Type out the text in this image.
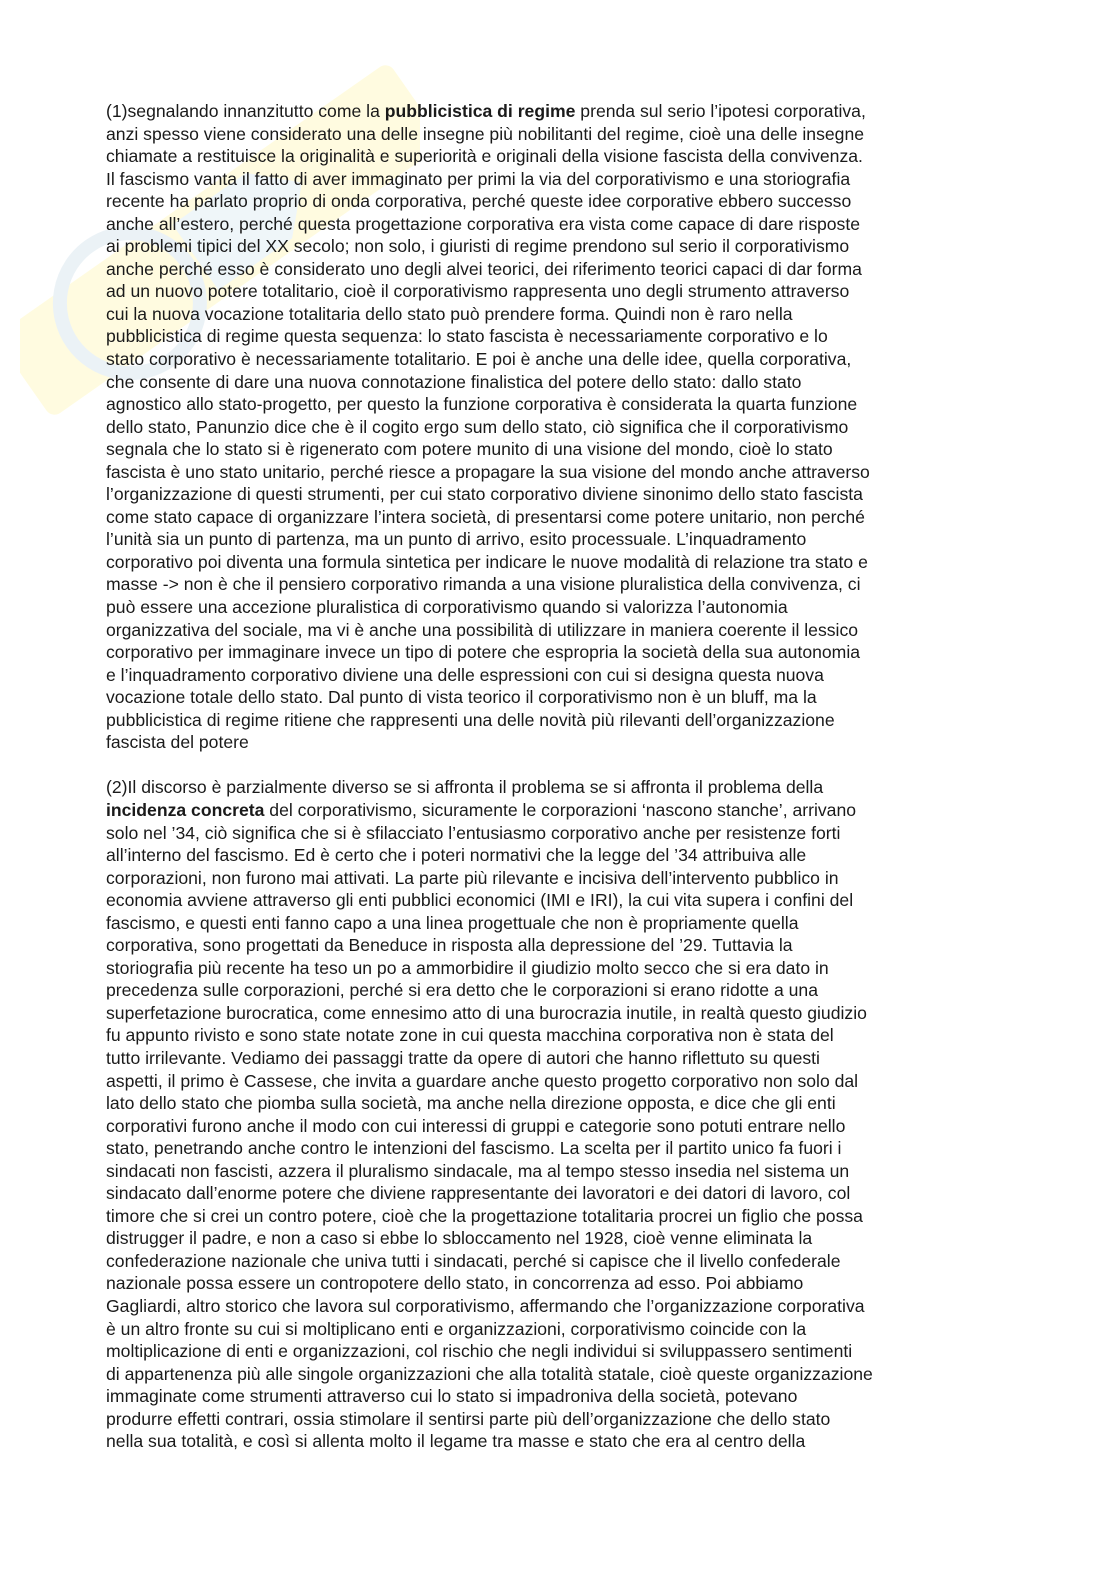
(1)segnalando innanzitutto come la pubblicistica di regime prenda sul serio l’ipotesi corporativa,
anzi spesso viene considerato una delle insegne più nobilitanti del regime, cioè una delle insegne
chiamate a restituisce la originalità e superiorità e originali della visione fascista della convivenza.
Il fascismo vanta il fatto di aver immaginato per primi la via del corporativismo e una storiografia
recente ha parlato proprio di onda corporativa, perché queste idee corporative ebbero successo
anche all’estero, perché questa progettazione corporativa era vista come capace di dare risposte
ai problemi tipici del XX secolo; non solo, i giuristi di regime prendono sul serio il corporativismo
anche perché esso è considerato uno degli alvei teorici, dei riferimento teorici capaci di dar forma
ad un nuovo potere totalitario, cioè il corporativismo rappresenta uno degli strumento attraverso
cui la nuova vocazione totalitaria dello stato può prendere forma. Quindi non è raro nella
pubblicistica di regime questa sequenza: lo stato fascista è necessariamente corporativo e lo
stato corporativo è necessariamente totalitario. E poi è anche una delle idee, quella corporativa,
che consente di dare una nuova connotazione finalistica del potere dello stato: dallo stato
agnostico allo stato-progetto, per questo la funzione corporativa è considerata la quarta funzione
dello stato, Panunzio dice che è il cogito ergo sum dello stato, ciò significa che il corporativismo
segnala che lo stato si è rigenerato com potere munito di una visione del mondo, cioè lo stato
fascista è uno stato unitario, perché riesce a propagare la sua visione del mondo anche attraverso
l’organizzazione di questi strumenti, per cui stato corporativo diviene sinonimo dello stato fascista
come stato capace di organizzare l’intera società, di presentarsi come potere unitario, non perché
l’unità sia un punto di partenza, ma un punto di arrivo, esito processuale. L’inquadramento
corporativo poi diventa una formula sintetica per indicare le nuove modalità di relazione tra stato e
masse -> non è che il pensiero corporativo rimanda a una visione pluralistica della convivenza, ci
può essere una accezione pluralistica di corporativismo quando si valorizza l’autonomia
organizzativa del sociale, ma vi è anche una possibilità di utilizzare in maniera coerente il lessico
corporativo per immaginare invece un tipo di potere che espropria la società della sua autonomia
e l’inquadramento corporativo diviene una delle espressioni con cui si designa questa nuova
vocazione totale dello stato. Dal punto di vista teorico il corporativismo non è un bluff, ma la
pubblicistica di regime ritiene che rappresenti una delle novità più rilevanti dell’organizzazione
fascista del potere

(2)Il discorso è parzialmente diverso se si affronta il problema se si affronta il problema della
incidenza concreta del corporativismo, sicuramente le corporazioni ‘nascono stanche’, arrivano
solo nel ’34, ciò significa che si è sfilacciato l’entusiasmo corporativo anche per resistenze forti
all’interno del fascismo. Ed è certo che i poteri normativi che la legge del ’34 attribuiva alle
corporazioni, non furono mai attivati. La parte più rilevante e incisiva dell’intervento pubblico in
economia avviene attraverso gli enti pubblici economici (IMI e IRI), la cui vita supera i confini del
fascismo, e questi enti fanno capo a una linea progettuale che non è propriamente quella
corporativa, sono progettati da Beneduce in risposta alla depressione del ’29. Tuttavia la
storiografia più recente ha teso un po a ammorbidire il giudizio molto secco che si era dato in
precedenza sulle corporazioni, perché si era detto che le corporazioni si erano ridotte a una
superfetazione burocratica, come ennesimo atto di una burocrazia inutile, in realtà questo giudizio
fu appunto rivisto e sono state notate zone in cui questa macchina corporativa non è stata del
tutto irrilevante. Vediamo dei passaggi tratte da opere di autori che hanno riflettuto su questi
aspetti, il primo è Cassese, che invita a guardare anche questo progetto corporativo non solo dal
lato dello stato che piomba sulla società, ma anche nella direzione opposta, e dice che gli enti
corporativi furono anche il modo con cui interessi di gruppi e categorie sono potuti entrare nello
stato, penetrando anche contro le intenzioni del fascismo. La scelta per il partito unico fa fuori i
sindacati non fascisti, azzera il pluralismo sindacale, ma al tempo stesso insedia nel sistema un
sindacato dall’enorme potere che diviene rappresentante dei lavoratori e dei datori di lavoro, col
timore che si crei un contro potere, cioè che la progettazione totalitaria procrei un figlio che possa
distrugger il padre, e non a caso si ebbe lo sbloccamento nel 1928, cioè venne eliminata la
confederazione nazionale che univa tutti i sindacati, perché si capisce che il livello confederale
nazionale possa essere un contropotere dello stato, in concorrenza ad esso. Poi abbiamo
Gagliardi, altro storico che lavora sul corporativismo, affermando che l’organizzazione corporativa
è un altro fronte su cui si moltiplicano enti e organizzazioni, corporativismo coincide con la
moltiplicazione di enti e organizzazioni, col rischio che negli individui si sviluppassero sentimenti
di appartenenza più alle singole organizzazioni che alla totalità statale, cioè queste organizzazione
immaginate come strumenti attraverso cui lo stato si impadroniva della società, potevano
produrre effetti contrari, ossia stimolare il sentirsi parte più dell’organizzazione che dello stato
nella sua totalità, e così si allenta molto il legame tra masse e stato che era al centro della
